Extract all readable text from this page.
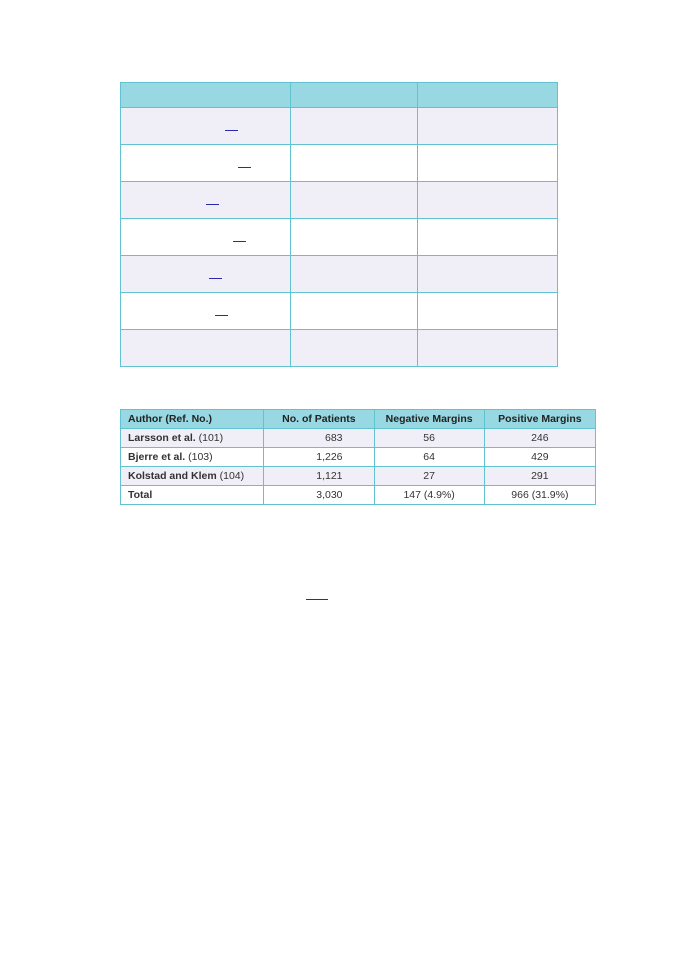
Author (Ref. No.)	No. of Patients	Negative Margins	Positive Margins
Larsson et al. (101)	683	56	246
Bjerre et al. (103)	1,226	64	429
Kolstad and Klem (104)	1,121	27	291
Total	3,030	147 (4.9%)	966 (31.9%)
